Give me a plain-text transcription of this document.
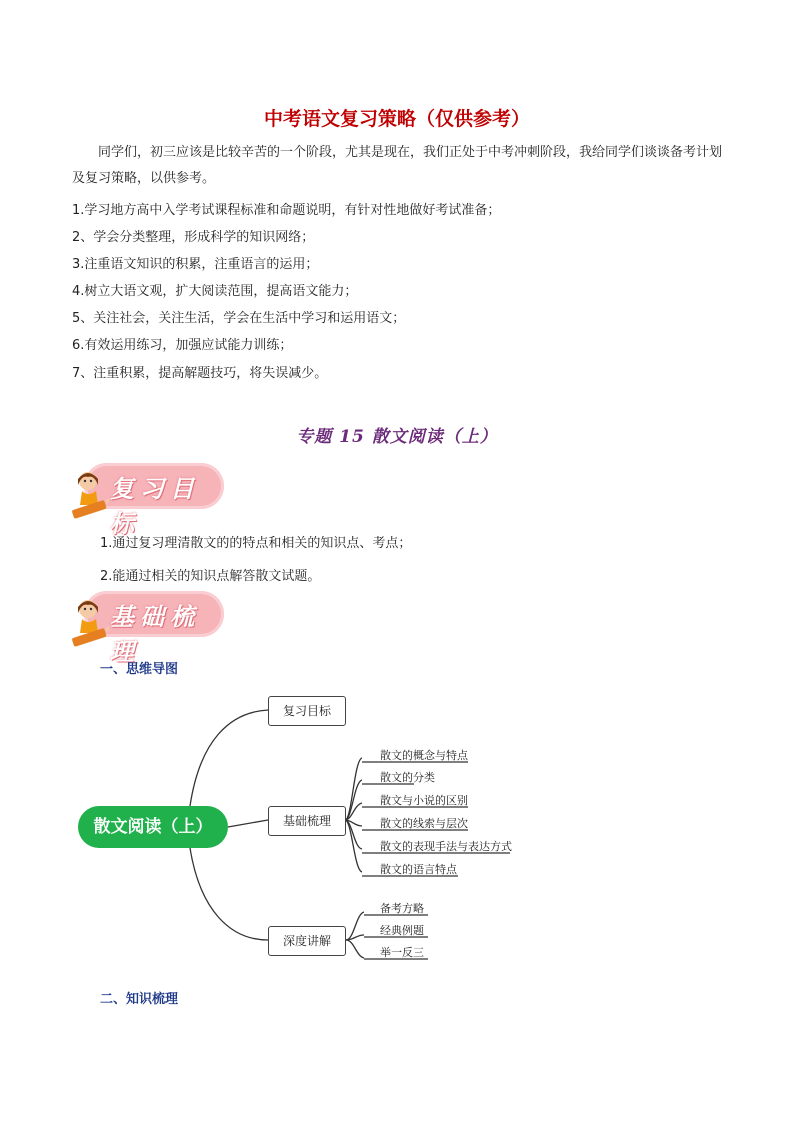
中考语文复习策略（仅供参考）
同学们，初三应该是比较辛苦的一个阶段，尤其是现在，我们正处于中考冲刺阶段，我给同学们谈谈备考计划及复习策略，以供参考。
1.学习地方高中入学考试课程标准和命题说明，有针对性地做好考试准备；
2、学会分类整理，形成科学的知识网络；
3.注重语文知识的积累，注重语言的运用；
4.树立大语文观，扩大阅读范围，提高语文能力；
5、关注社会，关注生活，学会在生活中学习和运用语文；
6.有效运用练习，加强应试能力训练；
7、注重积累，提高解题技巧，将失误减少。
专题 15 散文阅读（上）
复习目标
1.通过复习理清散文的的特点和相关的知识点、考点；
2.能通过相关的知识点解答散文试题。
基础梳理
一、思维导图
散文阅读（上）
复习目标
基础梳理
深度讲解
散文的概念与特点
散文的分类
散文与小说的区别
散文的线索与层次
散文的表现手法与表达方式
散文的语言特点
备考方略
经典例题
举一反三
二、知识梳理
